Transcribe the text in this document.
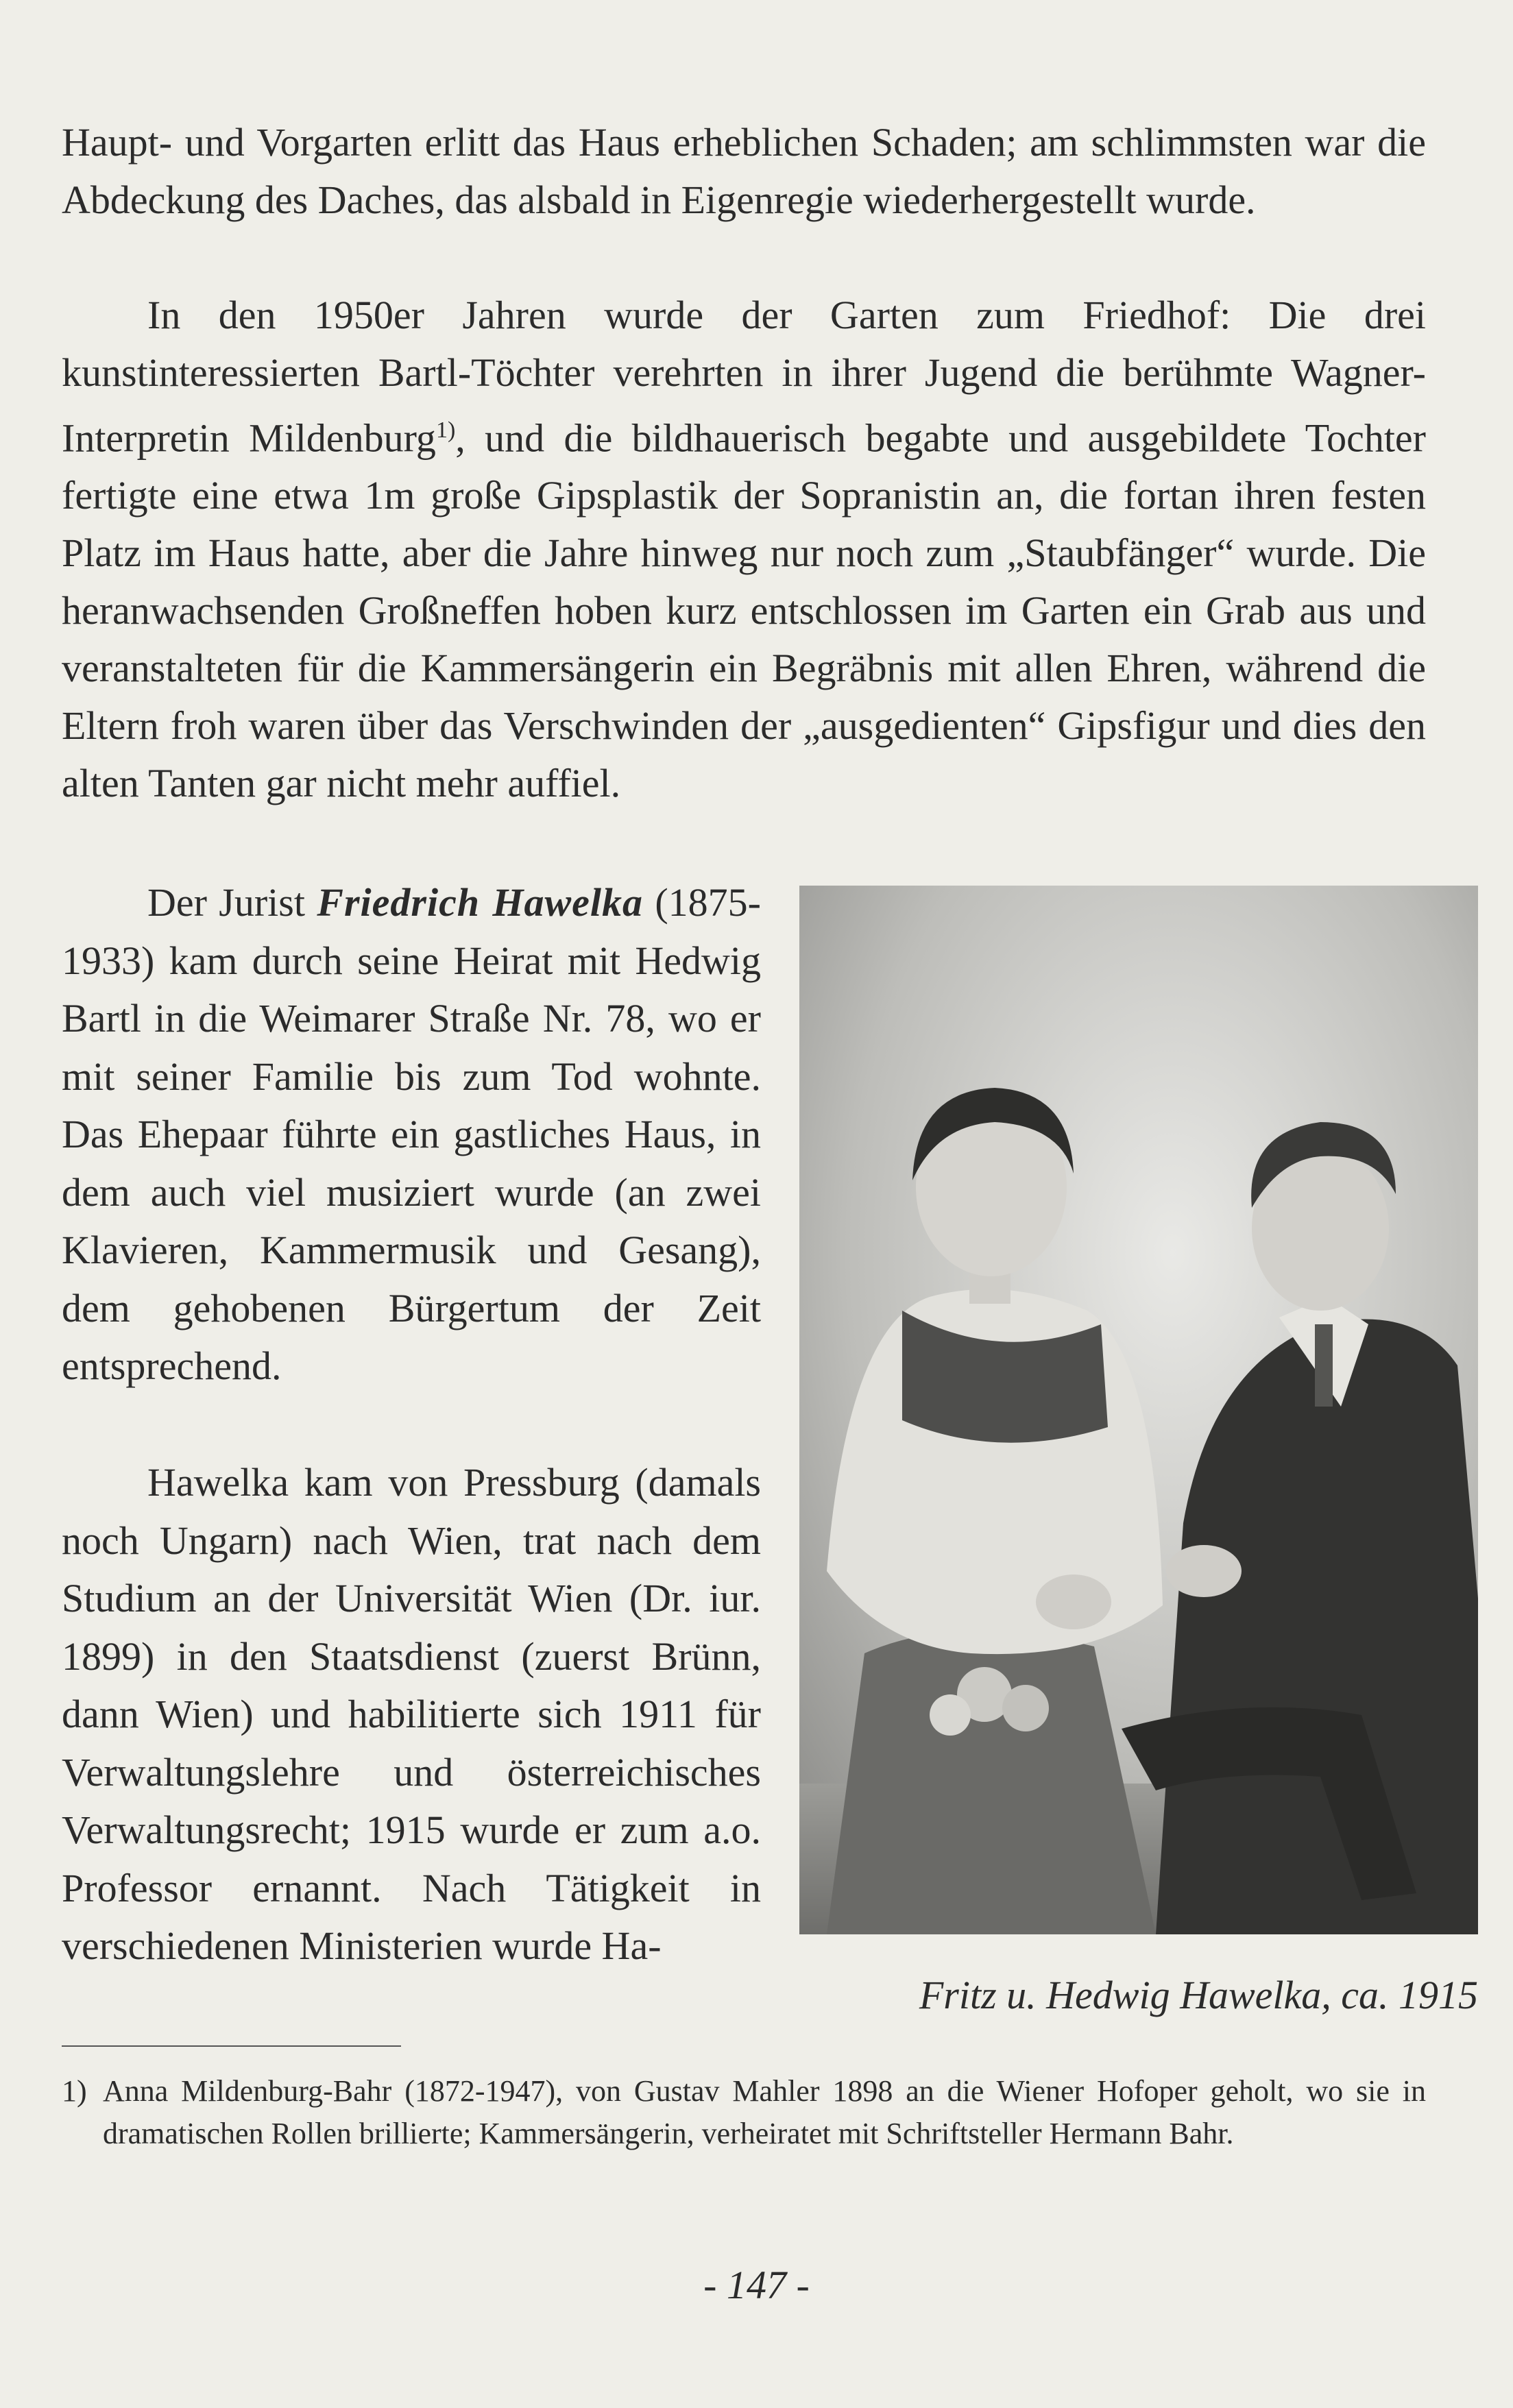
Haupt- und Vorgarten erlitt das Haus erheblichen Schaden; am schlimmsten war die Abdeckung des Daches, das alsbald in Eigenregie wiederhergestellt wurde.

In den 1950er Jahren wurde der Garten zum Friedhof: Die drei kunstinteressierten Bartl-Töchter verehrten in ihrer Jugend die berühmte Wagner-Interpretin Mildenburg$^{1)}$, und die bildhauerisch begabte und ausgebildete Tochter fertigte eine etwa 1m große Gipsplastik der Sopranistin an, die fortan ihren festen Platz im Haus hatte, aber die Jahre hinweg nur noch zum „Staubfänger“ wurde. Die heranwachsenden Großneffen hoben kurz entschlossen im Garten ein Grab aus und veranstalteten für die Kammersängerin ein Begräbnis mit allen Ehren, während die Eltern froh waren über das Verschwinden der „ausgedienten“ Gipsfigur und dies den alten Tanten gar nicht mehr auffiel.

Der Jurist Friedrich Hawelka (1875-1933) kam durch seine Heirat mit Hedwig Bartl in die Weimarer Straße Nr. 78, wo er mit seiner Familie bis zum Tod wohnte. Das Ehepaar führte ein gastliches Haus, in dem auch viel musiziert wurde (an zwei Klavieren, Kammermusik und Gesang), dem gehobenen Bürgertum der Zeit entsprechend.

Hawelka kam von Pressburg (damals noch Ungarn) nach Wien, trat nach dem Studium an der Universität Wien (Dr. iur. 1899) in den Staatsdienst (zuerst Brünn, dann Wien) und habilitierte sich 1911 für Verwaltungslehre und österreichisches Verwaltungsrecht; 1915 wurde er zum a.o. Professor ernannt. Nach Tätigkeit in verschiedenen Ministerien wurde Ha-

Fritz u. Hedwig Hawelka, ca. 1915
1) Anna Mildenburg-Bahr (1872-1947), von Gustav Mahler 1898 an die Wiener Hofoper geholt, wo sie in dramatischen Rollen brillierte; Kammersängerin, verheiratet mit Schriftsteller Hermann Bahr.
- 147 -
